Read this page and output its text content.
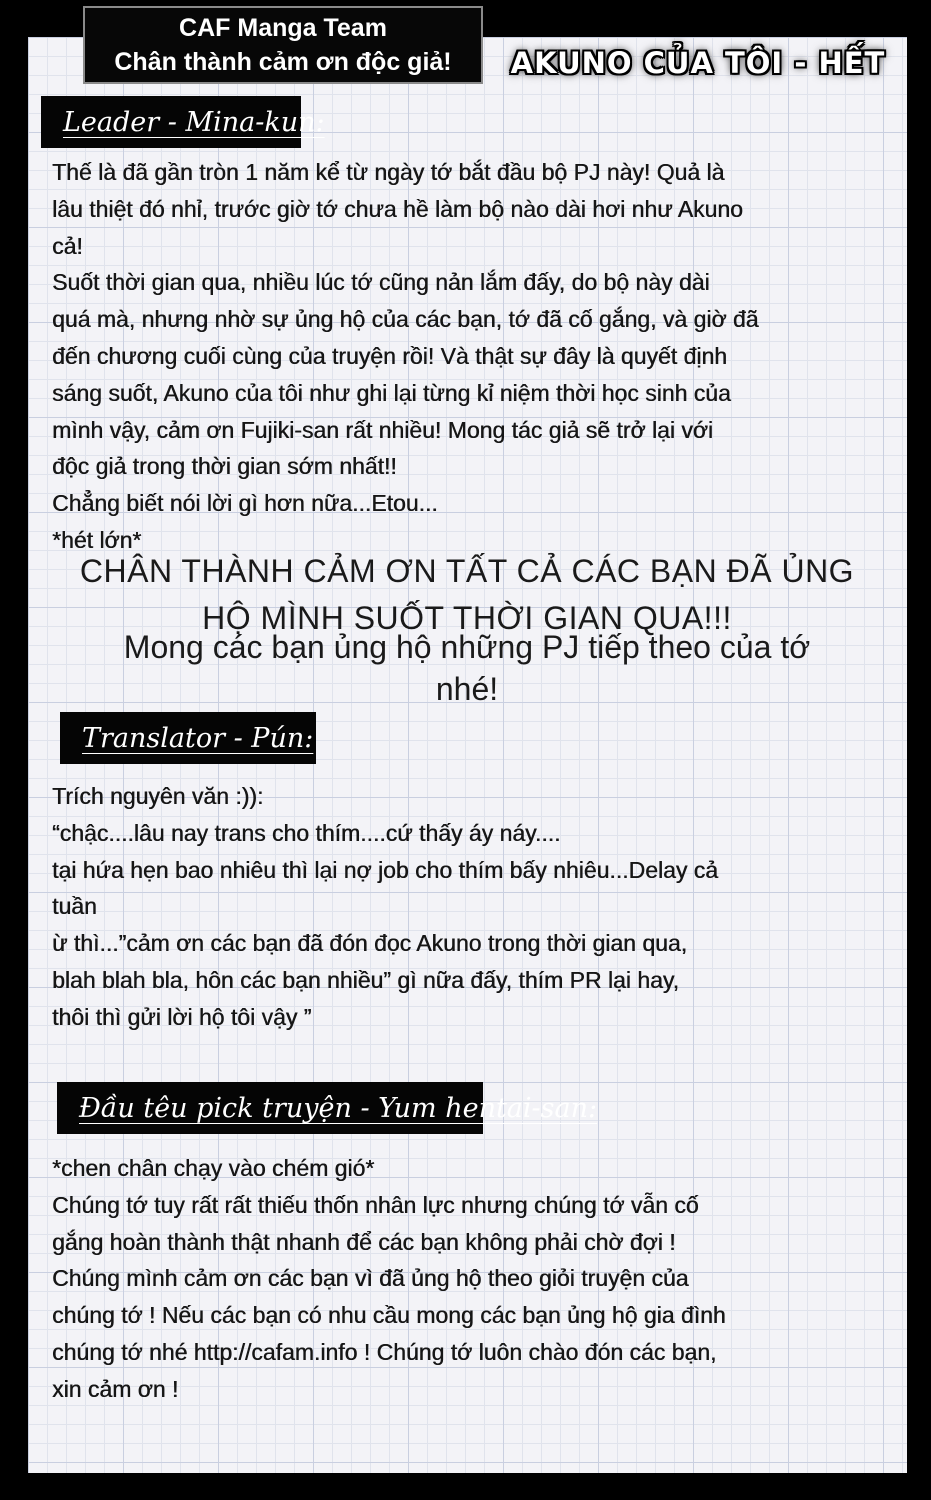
CAF Manga Team
Chân thành cảm ơn độc giả!	AKUNO CỦA TÔI - HẾT
Leader - Mina-kun:
Thế là đã gần tròn 1 năm kể từ ngày tớ bắt đầu bộ PJ này! Quả là
lâu thiệt đó nhỉ, trước giờ tớ chưa hề làm bộ nào dài hơi như Akuno
cả!
Suốt thời gian qua, nhiều lúc tớ cũng nản lắm đấy, do bộ này dài
quá mà, nhưng nhờ sự ủng hộ của các bạn, tớ đã cố gắng, và giờ đã
đến chương cuối cùng của truyện rồi! Và thật sự đây là quyết định
sáng suốt, Akuno của tôi như ghi lại từng kỉ niệm thời học sinh của
mình vậy, cảm ơn Fujiki-san rất nhiều! Mong tác giả sẽ trở lại với
độc giả trong thời gian sớm nhất!!
Chẳng biết nói lời gì hơn nữa...Etou...
*hét lớn*
CHÂN THÀNH CẢM ƠN TẤT CẢ CÁC BẠN ĐÃ ỦNG
HỘ MÌNH SUỐT THỜI GIAN QUA!!!
Mong các bạn ủng hộ những PJ tiếp theo của tớ
nhé!
Translator - Pún:
Trích nguyên văn :)):
“chậc....lâu nay trans cho thím....cứ thấy áy náy....
tại hứa hẹn bao nhiêu thì lại nợ job cho thím bấy nhiêu...Delay cả
tuần
ừ thì...”cảm ơn các bạn đã đón đọc Akuno trong thời gian qua,
blah blah bla, hôn các bạn nhiều” gì nữa đấy, thím PR lại hay,
thôi thì gửi lời hộ tôi vậy ”
Đầu têu pick truyện - Yum hentai-san:
*chen chân chạy vào chém gió*
Chúng tớ tuy rất rất thiếu thốn nhân lực nhưng chúng tớ vẫn cố
gắng hoàn thành thật nhanh để các bạn không phải chờ đợi !
Chúng mình cảm ơn các bạn vì đã ủng hộ theo giỏi truyện của
chúng tớ ! Nếu các bạn có nhu cầu mong các bạn ủng hộ gia đình
chúng tớ nhé http://cafam.info ! Chúng tớ luôn chào đón các bạn,
xin cảm ơn !
